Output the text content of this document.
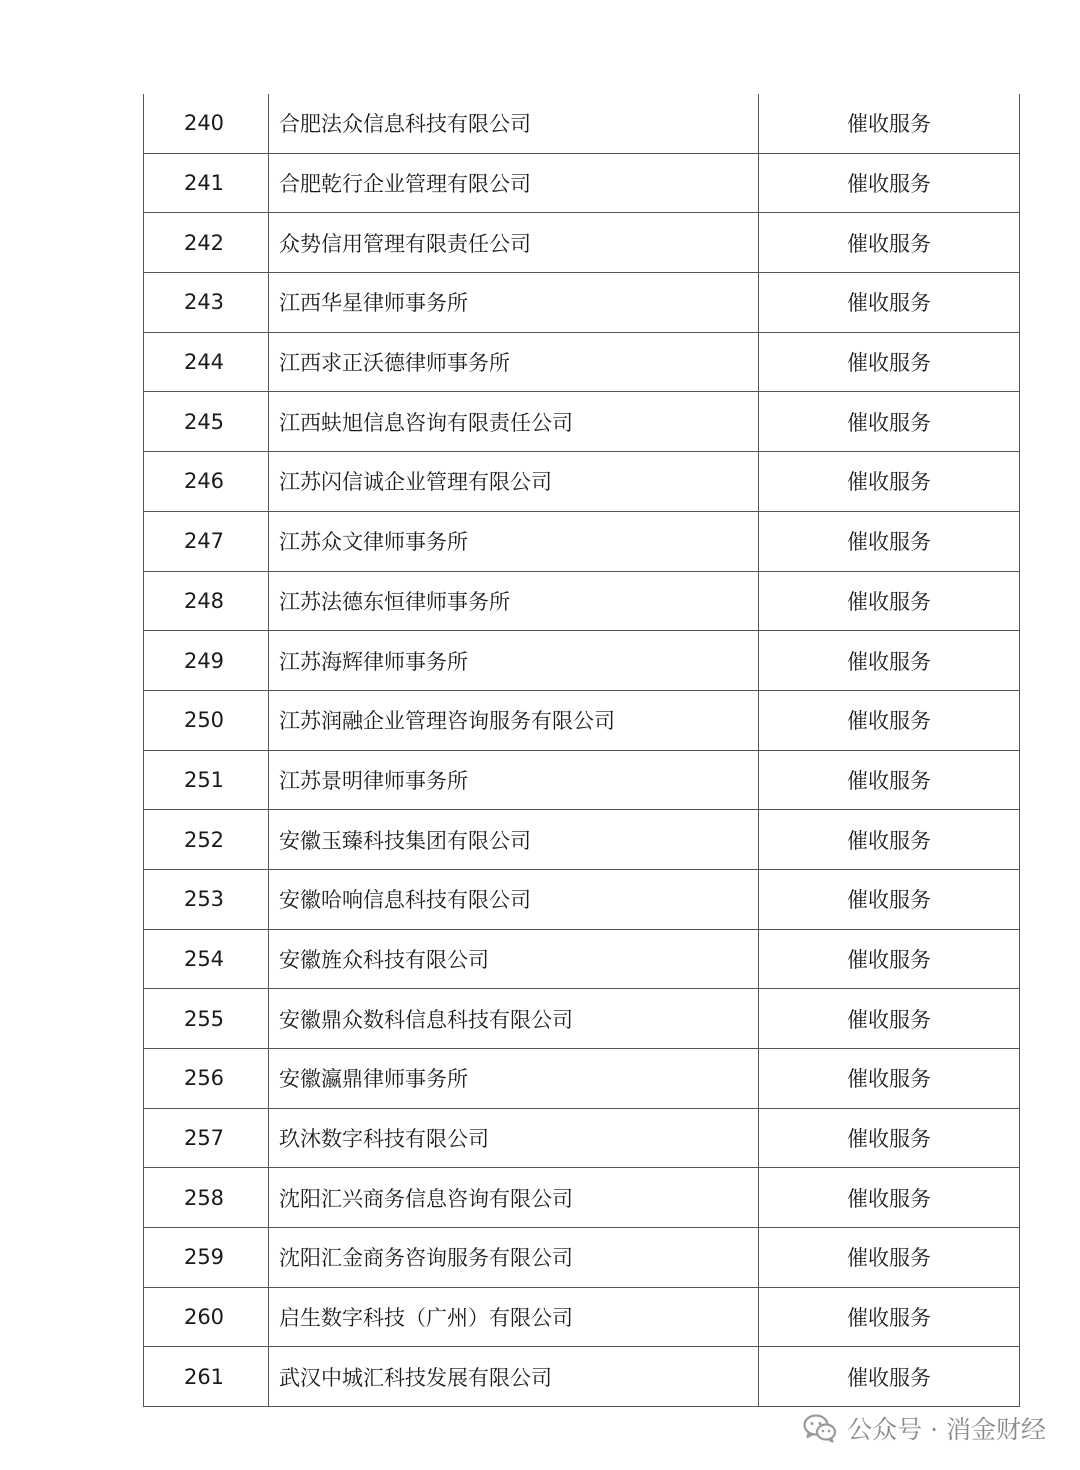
240	合肥法众信息科技有限公司	催收服务
241	合肥乾行企业管理有限公司	催收服务
242	众势信用管理有限责任公司	催收服务
243	江西华星律师事务所	催收服务
244	江西求正沃德律师事务所	催收服务
245	江西蚨旭信息咨询有限责任公司	催收服务
246	江苏闪信诚企业管理有限公司	催收服务
247	江苏众文律师事务所	催收服务
248	江苏法德东恒律师事务所	催收服务
249	江苏海辉律师事务所	催收服务
250	江苏润融企业管理咨询服务有限公司	催收服务
251	江苏景明律师事务所	催收服务
252	安徽玉臻科技集团有限公司	催收服务
253	安徽哈响信息科技有限公司	催收服务
254	安徽旌众科技有限公司	催收服务
255	安徽鼎众数科信息科技有限公司	催收服务
256	安徽瀛鼎律师事务所	催收服务
257	玖沐数字科技有限公司	催收服务
258	沈阳汇兴商务信息咨询有限公司	催收服务
259	沈阳汇金商务咨询服务有限公司	催收服务
260	启生数字科技（广州）有限公司	催收服务
261	武汉中城汇科技发展有限公司	催收服务
公众号 · 消金财经
